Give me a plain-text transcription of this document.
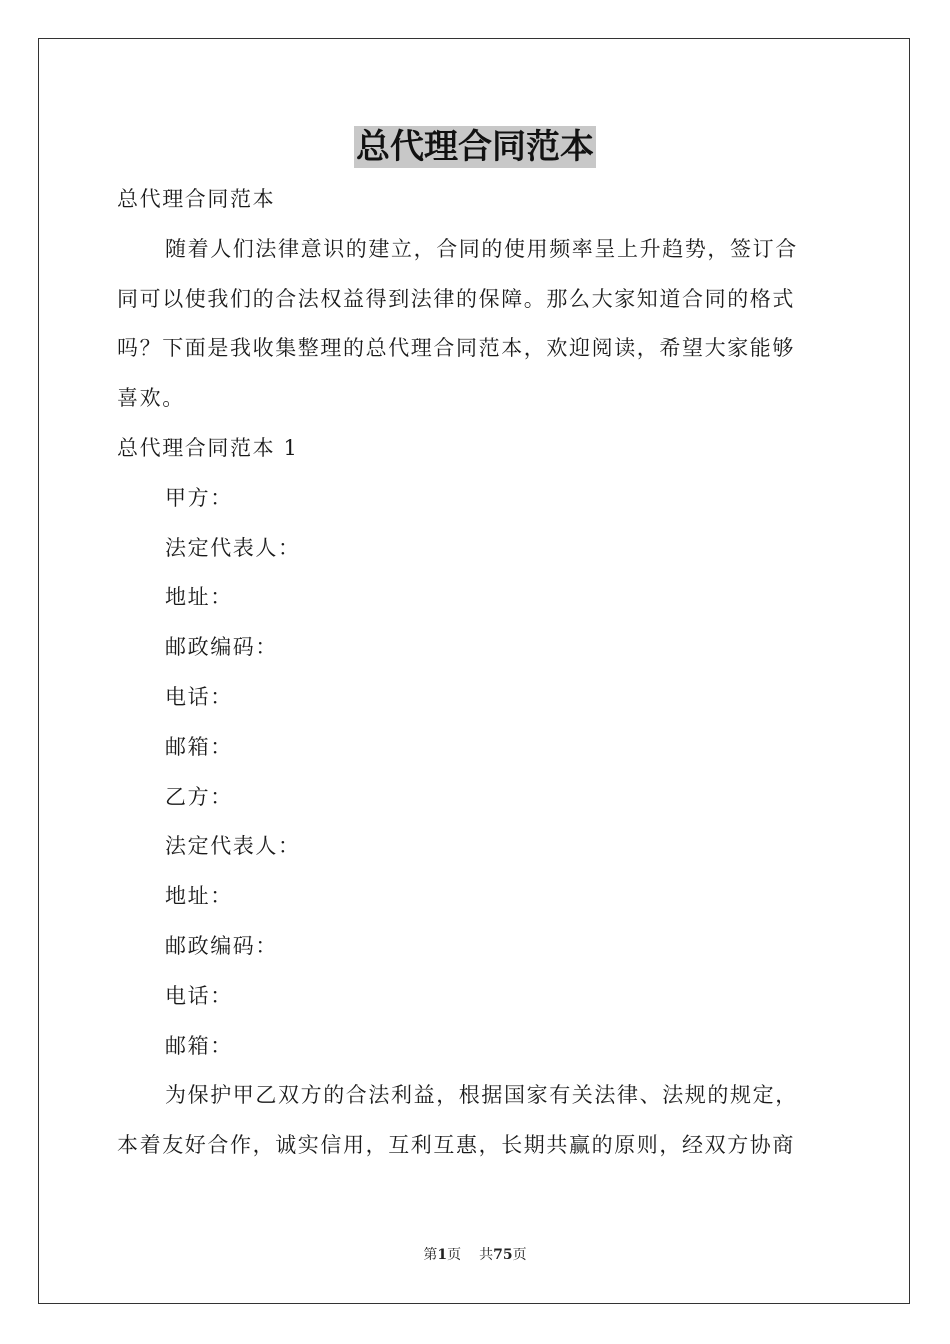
总代理合同范本
总代理合同范本
随着人们法律意识的建立，合同的使用频率呈上升趋势，签订合
同可以使我们的合法权益得到法律的保障。那么大家知道合同的格式
吗？下面是我收集整理的总代理合同范本，欢迎阅读，希望大家能够
喜欢。
总代理合同范本 1
甲方：
法定代表人：
地址：
邮政编码：
电话：
邮箱：
乙方：
法定代表人：
地址：
邮政编码：
电话：
邮箱：
为保护甲乙双方的合法利益，根据国家有关法律、法规的规定，
本着友好合作，诚实信用，互利互惠，长期共赢的原则，经双方协商
第1页 共75页
